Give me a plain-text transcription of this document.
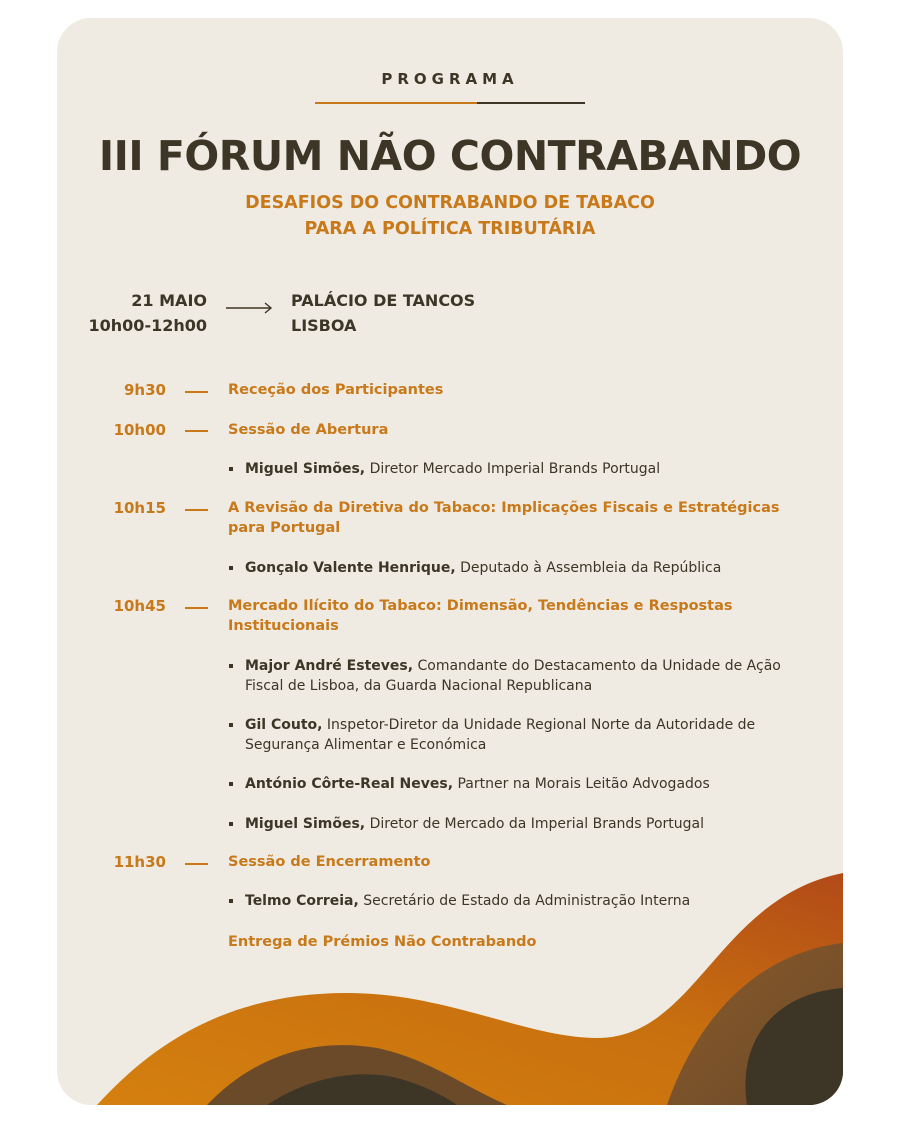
PROGRAMA
III FÓRUM NÃO CONTRABANDO
DESAFIOS DO CONTRABANDO DE TABACO
PARA A POLÍTICA TRIBUTÁRIA
21 MAIO
10h00-12h00
PALÁCIO DE TANCOS
LISBOA
9h30	Receção dos Participantes
10h00	Sessão de Abertura
Miguel Simões, Diretor Mercado Imperial Brands Portugal
10h15	A Revisão da Diretiva do Tabaco: Implicações Fiscais e Estratégicas para Portugal
Gonçalo Valente Henrique, Deputado à Assembleia da República
10h45	Mercado Ilícito do Tabaco: Dimensão, Tendências e Respostas Institucionais
Major André Esteves, Comandante do Destacamento da Unidade de Ação Fiscal de Lisboa, da Guarda Nacional Republicana
Gil Couto, Inspetor-Diretor da Unidade Regional Norte da Autoridade de Segurança Alimentar e Económica
António Côrte-Real Neves, Partner na Morais Leitão Advogados
Miguel Simões, Diretor de Mercado da Imperial Brands Portugal
11h30	Sessão de Encerramento
Telmo Correia, Secretário de Estado da Administração Interna
Entrega de Prémios Não Contrabando
